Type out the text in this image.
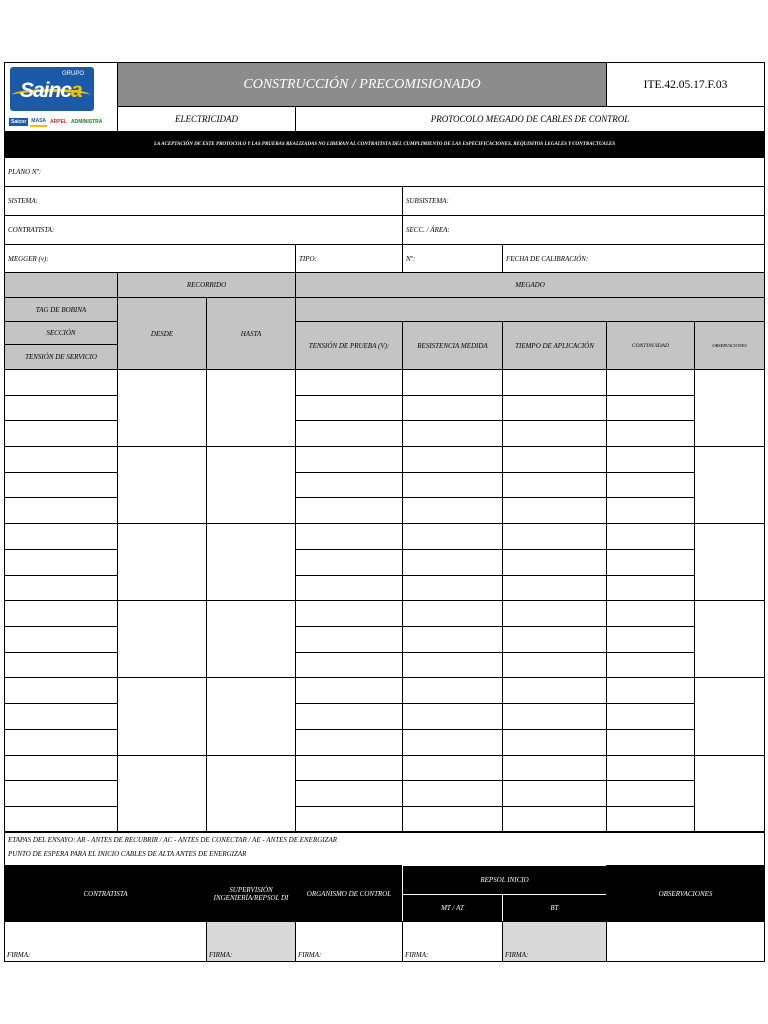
GRUPO
Sainca
Saicor	MASA ARPEL ADMINISTRA
CONSTRUCCIÓN / PRECOMISIONADO	ITE.42.05.17.F.03
ELECTRICIDAD	PROTOCOLO MEGADO DE CABLES DE CONTROL
LA ACEPTACIÓN DE ESTE PROTOCOLO Y LAS PRUEBAS REALIZADAS NO LIBERAN AL CONTRATISTA DEL CUMPLIMIENTO DE LAS ESPECIFICACIONES, REQUISITOS LEGALES Y CONTRACTUALES
PLANO Nº:
SISTEMA:	SUBSISTEMA:
CONTRATISTA:	SECC. / ÁREA:
MEGGER (v):	TIPO:	Nº:	FECHA DE CALIBRACIÓN:
RECORRIDO	MEGADO
TAG DE BOBINA
SECCIÓN
TENSIÓN DE SERVICIO
DESDE	HASTA
TENSIÓN DE PRUEBA (V):	RESISTENCIA MEDIDA	TIEMPO DE APLICACIÓN	CONTINUIDAD	OBSERVACIONES
ETAPAS DEL ENSAYO: AR - ANTES DE RECUBRIR / AC - ANTES DE CONECTAR / AE - ANTES DE ENERGIZAR
PUNTO DE ESPERA PARA EL INICIO CABLES DE ALTA ANTES DE ENERGIZAR
CONTRATISTA	SUPERVISIÓN INGENIERÍA/REPSOL DI	ORGANISMO DE CONTROL
REPSOL INICIO
MT / AT	BT
OBSERVACIONES
FIRMA:	FIRMA:	FIRMA:	FIRMA:	FIRMA:
